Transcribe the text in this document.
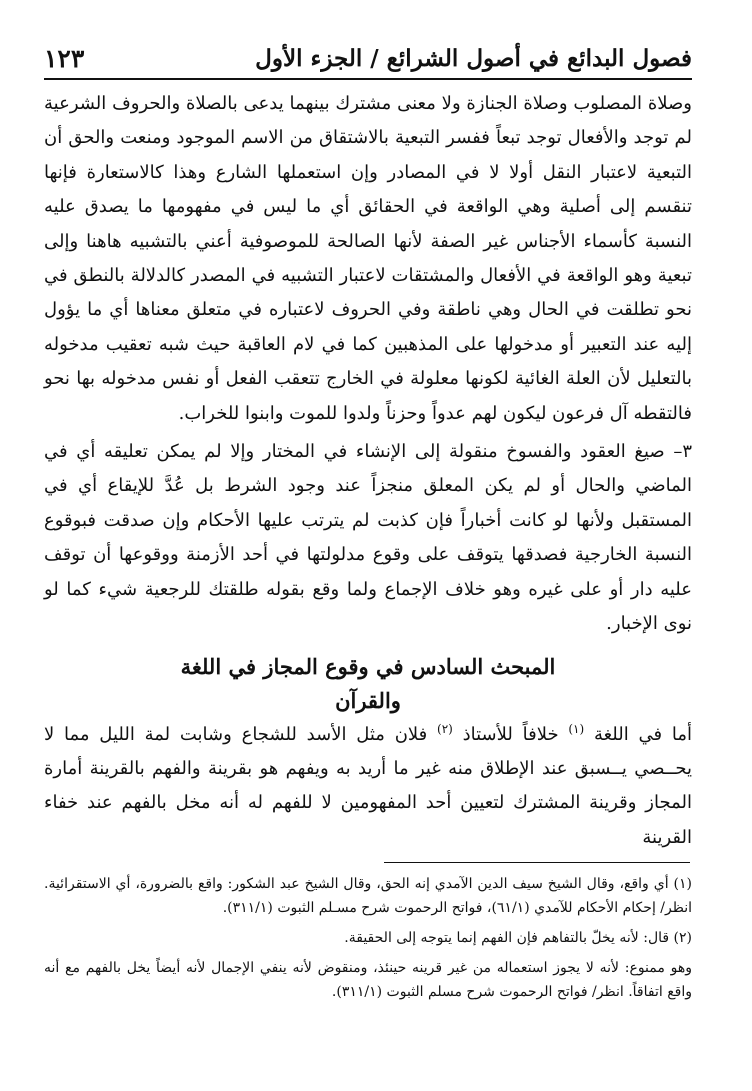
فصول البدائع في أصول الشرائع / الجزء الأول
١٢٣

وصلاة المصلوب وصلاة الجنازة ولا معنى مشترك بينهما يدعى بالصلاة والحروف الشرعية لم توجد والأفعال توجد تبعاً ففسر التبعية بالاشتقاق من الاسم الموجود ومنعت والحق أن التبعية لاعتبار النقل أولا لا في المصادر وإن استعملها الشارع وهذا كالاستعارة فإنها تنقسم إلى أصلية وهي الواقعة في الحقائق أي ما ليس في مفهومها ما يصدق عليه النسبة كأسماء الأجناس غير الصفة لأنها الصالحة للموصوفية أعني بالتشبيه هاهنا وإلى تبعية وهو الواقعة في الأفعال والمشتقات لاعتبار التشبيه في المصدر كالدلالة بالنطق في نحو تطلقت في الحال وهي ناطقة وفي الحروف لاعتباره في متعلق معناها أي ما يؤول إليه عند التعبير أو مدخولها على المذهبين كما في لام العاقبة حيث شبه تعقيب مدخوله بالتعليل لأن العلة الغائية لكونها معلولة في الخارج تتعقب الفعل أو نفس مدخوله بها نحو فالتقطه آل فرعون ليكون لهم عدواً وحزناً ولدوا للموت وابنوا للخراب.

٣– صيغ العقود والفسوخ منقولة إلى الإنشاء في المختار وإلا لم يمكن تعليقه أي في الماضي والحال أو لم يكن المعلق منجزاً عند وجود الشرط بل عُدَّ للإيقاع أي في المستقبل ولأنها لو كانت أخباراً فإن كذبت لم يترتب عليها الأحكام وإن صدقت فبوقوع النسبة الخارجية فصدقها يتوقف على وقوع مدلولتها في أحد الأزمنة ووقوعها أن توقف عليه دار أو على غيره وهو خلاف الإجماع ولما وقع بقوله طلقتك للرجعية شيء كما لو نوى الإخبار.

المبحث السادس في وقوع المجاز في اللغة
والقرآن

أما في اللغة $^{(١)}$ خلافاً للأستاذ $^{(٢)}$ فلان مثل الأسد للشجاع وشابت لمة الليل مما لا يحــصي يــسبق عند الإطلاق منه غير ما أريد به ويفهم هو بقرينة والفهم بالقرينة أمارة المجاز وقرينة المشترك لتعيين أحد المفهومين لا للفهم له أنه مخل بالفهم عند خفاء القرينة

(١) أي واقع، وقال الشيخ سيف الدين الآمدي إنه الحق، وقال الشيخ عبد الشكور: واقع بالضرورة، أي الاستقرائية. انظر/ إحكام الأحكام للآمدي (٦١/١)، فواتح الرحموت شرح مسـلم الثبوت (٣١١/١).

(٢) قال: لأنه يخلّ بالتفاهم فإن الفهم إنما يتوجه إلى الحقيقة.

وهو ممنوع: لأنه لا يجوز استعماله من غير قرينه حينئذ، ومنقوض لأنه ينفي الإجمال لأنه أيضاً يخل بالفهم مع أنه واقع اتفاقاً. انظر/ فواتح الرحموت شرح مسلم الثبوت (٣١١/١).
